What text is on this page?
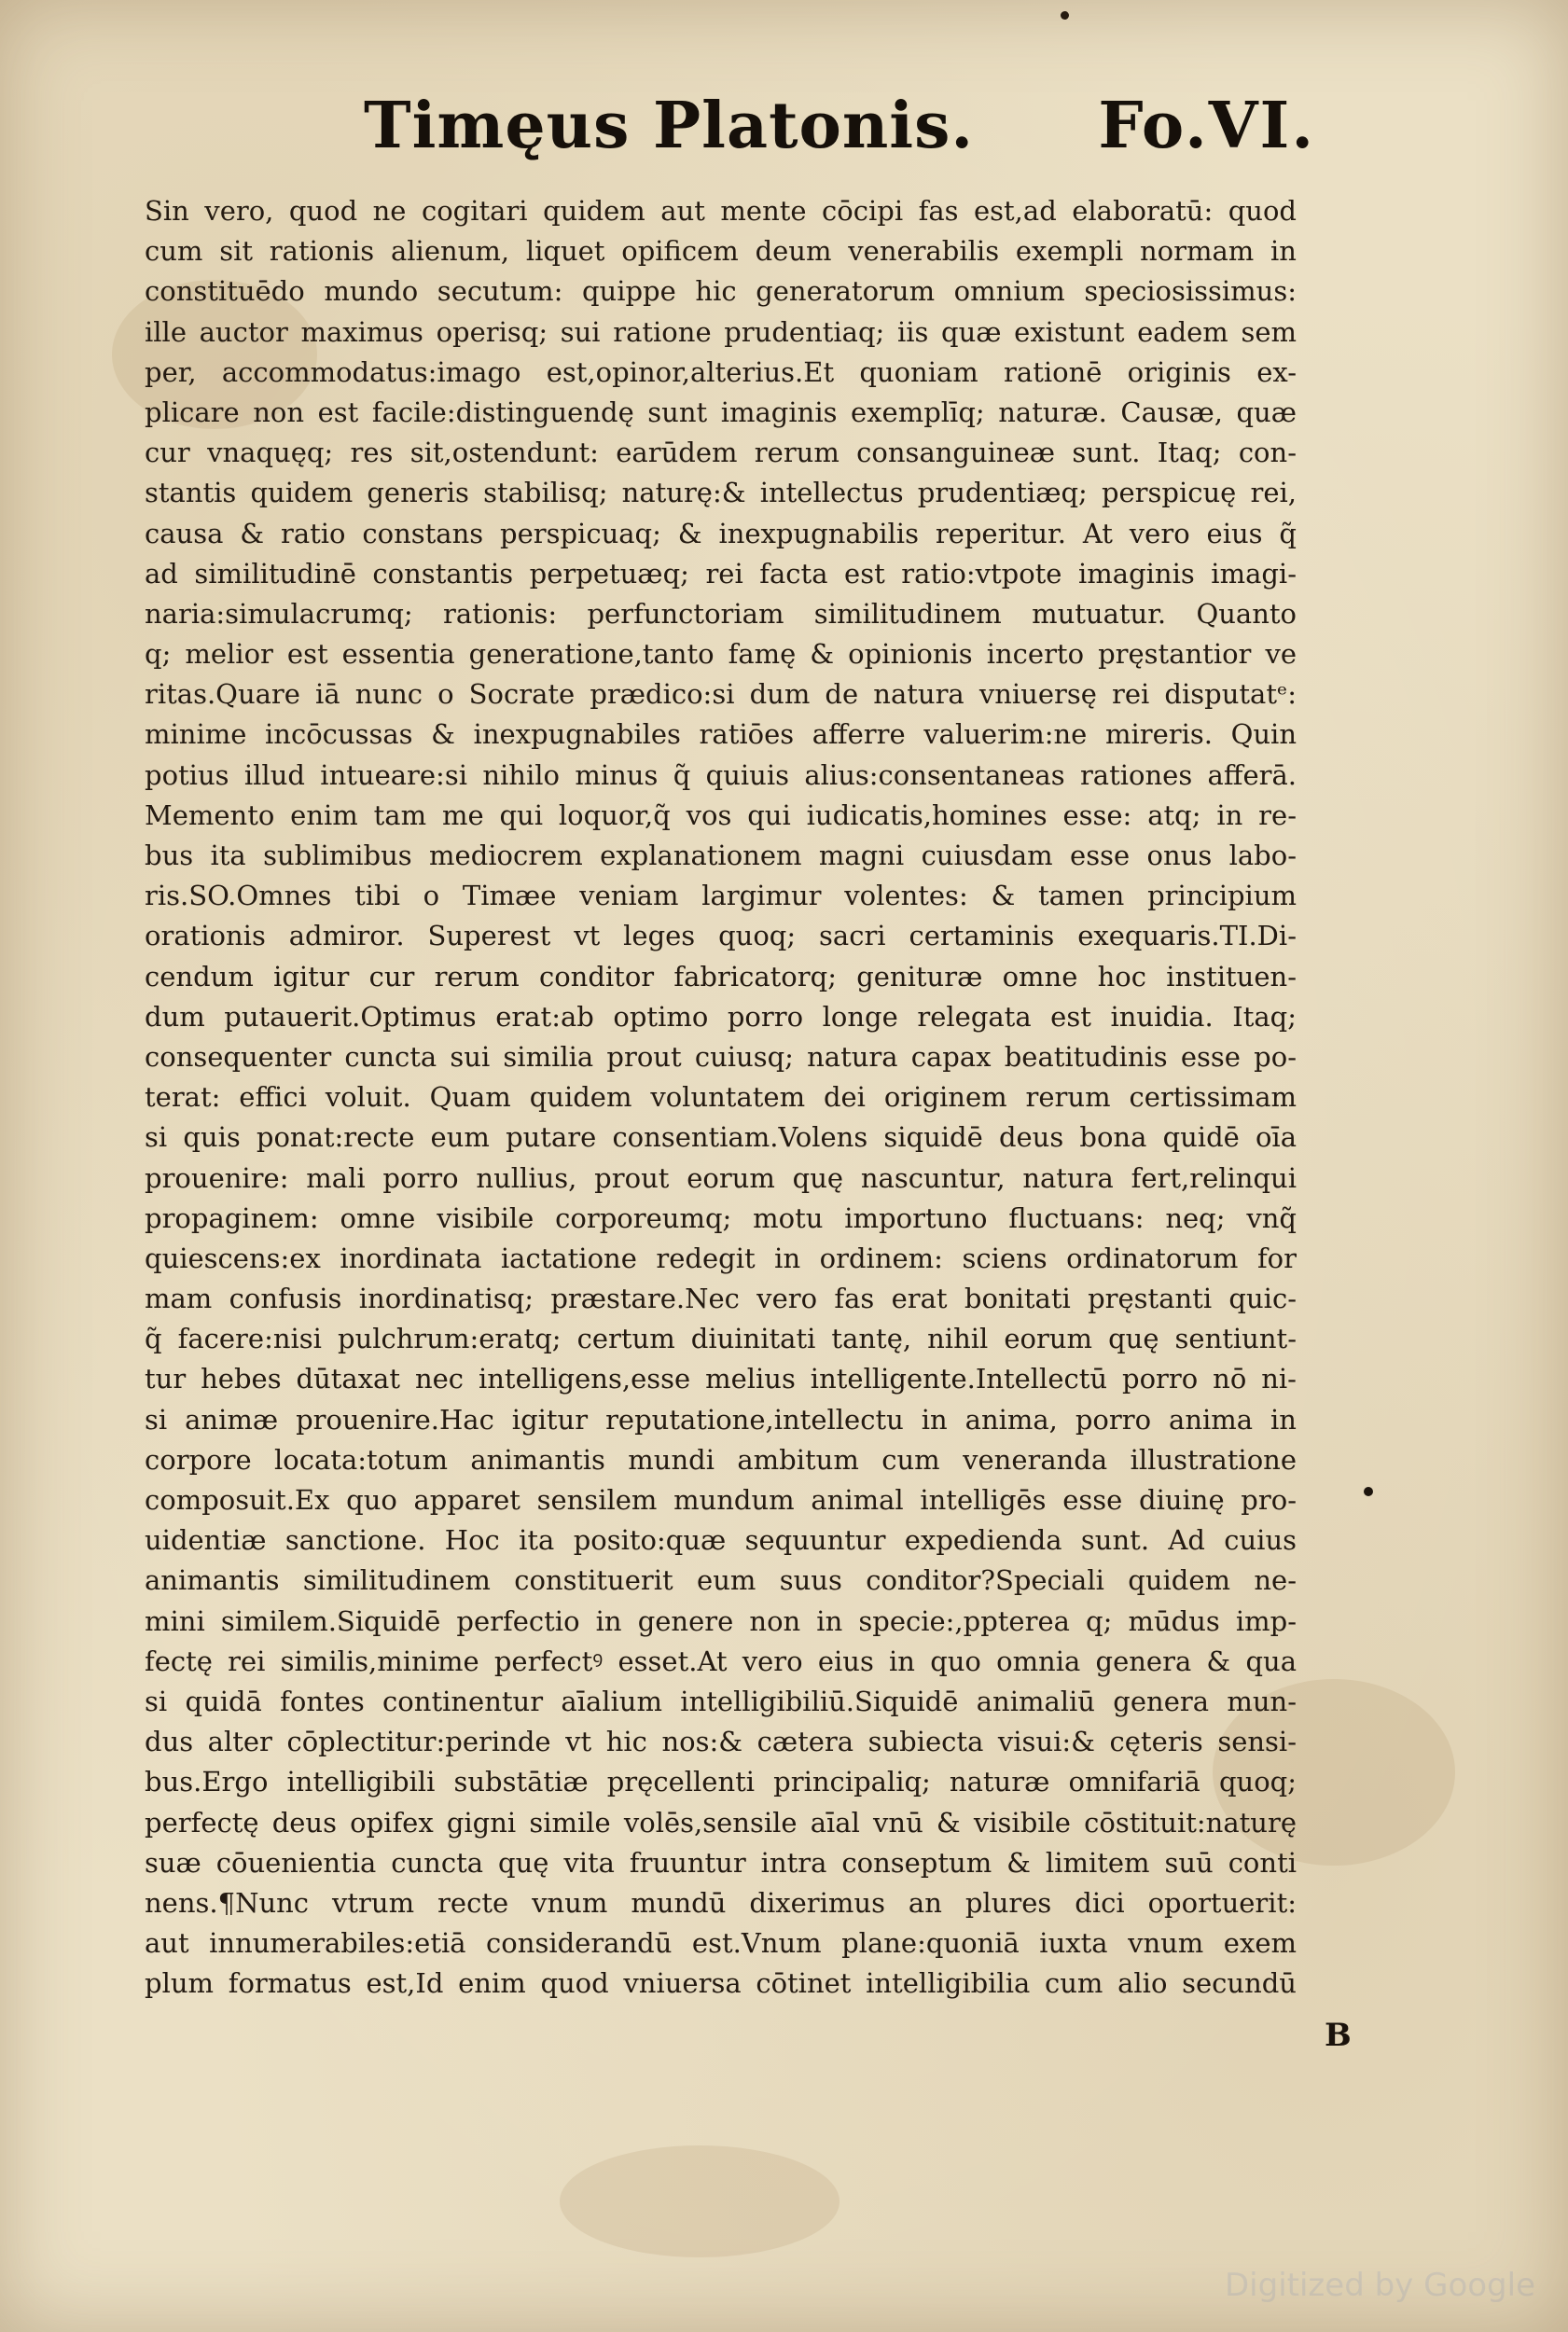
Timęus Platonis. Fo.VI.
Sin vero, quod ne cogitari quidem aut mente cōcipi fas est,ad elaboratū: quod
cum sit rationis alienum, liquet opificem deum venerabilis exempli normam in
constituēdo mundo secutum: quippe hic generatorum omnium speciosissimus:
ille auctor maximus operisq; sui ratione prudentiaq; iis quæ existunt eadem sem
per, accommodatus:imago est,opinor,alterius.Et quoniam rationē originis ex-
plicare non est facile:distinguendę sunt imaginis exemplīq; naturæ. Causæ, quæ
cur vnaquęq; res sit,ostendunt: earūdem rerum consanguineæ sunt. Itaq; con-
stantis quidem generis stabilisq; naturę:& intellectus prudentiæq; perspicuę rei,
causa & ratio constans perspicuaq; & inexpugnabilis reperitur. At vero eius q̃
ad similitudinē constantis perpetuæq; rei facta est ratio:vtpote imaginis imagi-
naria:simulacrumq; rationis: perfunctoriam similitudinem mutuatur. Quanto
q; melior est essentia generatione,tanto famę & opinionis incerto pręstantior ve
ritas.Quare iā nunc o Socrate prædico:si dum de natura vniuersę rei disputatᵉ:
minime incōcussas & inexpugnabiles ratiōes afferre valuerim:ne mireris. Quin
potius illud intueare:si nihilo minus q̃ quiuis alius:consentaneas rationes afferā.
Memento enim tam me qui loquor,q̃ vos qui iudicatis,homines esse: atq; in re-
bus ita sublimibus mediocrem explanationem magni cuiusdam esse onus labo-
ris.SO.Omnes tibi o Timæe veniam largimur volentes: & tamen principium
orationis admiror. Superest vt leges quoq; sacri certaminis exequaris.TI.Di-
cendum igitur cur rerum conditor fabricatorq; genituræ omne hoc instituen-
dum putauerit.Optimus erat:ab optimo porro longe relegata est inuidia. Itaq;
consequenter cuncta sui similia prout cuiusq; natura capax beatitudinis esse po-
terat: effici voluit. Quam quidem voluntatem dei originem rerum certissimam
si quis ponat:recte eum putare consentiam.Volens siquidē deus bona quidē oīa
prouenire: mali porro nullius, prout eorum quę nascuntur, natura fert,relinqui
propaginem: omne visibile corporeumq; motu importuno fluctuans: neq; vnq̃
quiescens:ex inordinata iactatione redegit in ordinem: sciens ordinatorum for
mam confusis inordinatisq; præstare.Nec vero fas erat bonitati pręstanti quic-
q̃ facere:nisi pulchrum:eratq; certum diuinitati tantę, nihil eorum quę sentiunt-
tur hebes dūtaxat nec intelligens,esse melius intelligente.Intellectū porro nō ni-
si animæ prouenire.Hac igitur reputatione,intellectu in anima, porro anima in
corpore locata:totum animantis mundi ambitum cum veneranda illustratione
composuit.Ex quo apparet sensilem mundum animal intelligēs esse diuinę pro-
uidentiæ sanctione. Hoc ita posito:quæ sequuntur expedienda sunt. Ad cuius
animantis similitudinem constituerit eum suus conditor?Speciali quidem ne-
mini similem.Siquidē perfectio in genere non in specie:,ppterea q; mūdus imp-
fectę rei similis,minime perfectꝰ esset.At vero eius in quo omnia genera & qua
si quidā fontes continentur aīalium intelligibiliū.Siquidē animaliū genera mun-
dus alter cōplectitur:perinde vt hic nos:& cætera subiecta visui:& cęteris sensi-
bus.Ergo intelligibili substātiæ pręcellenti principaliq; naturæ omnifariā quoq;
perfectę deus opifex gigni simile volēs,sensile aīal vnū & visibile cōstituit:naturę
suæ cōuenientia cuncta quę vita fruuntur intra conseptum & limitem suū conti
nens.¶Nunc vtrum recte vnum mundū dixerimus an plures dici oportuerit:
aut innumerabiles:etiā considerandū est.Vnum plane:quoniā iuxta vnum exem
plum formatus est,Id enim quod vniuersa cōtinet intelligibilia cum alio secundū
B
Digitized by Google
